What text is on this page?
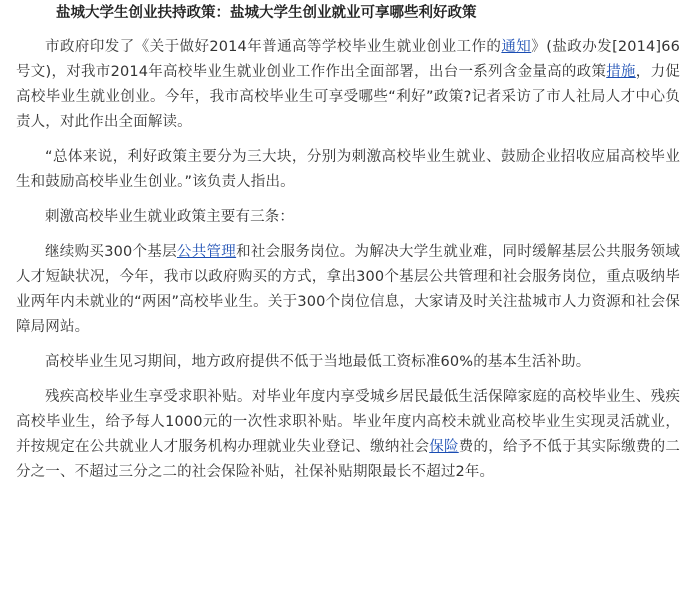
盐城大学生创业扶持政策：盐城大学生创业就业可享哪些利好政策

市政府印发了《关于做好2014年普通高等学校毕业生就业创业工作的通知》(盐政办发[2014]66号文)，对我市2014年高校毕业生就业创业工作作出全面部署，出台一系列含金量高的政策措施，力促高校毕业生就业创业。今年，我市高校毕业生可享受哪些“利好”政策?记者采访了市人社局人才中心负责人，对此作出全面解读。

“总体来说，利好政策主要分为三大块，分别为刺激高校毕业生就业、鼓励企业招收应届高校毕业生和鼓励高校毕业生创业。”该负责人指出。

刺激高校毕业生就业政策主要有三条：

继续购买300个基层公共管理和社会服务岗位。为解决大学生就业难，同时缓解基层公共服务领域人才短缺状况，今年，我市以政府购买的方式，拿出300个基层公共管理和社会服务岗位，重点吸纳毕业两年内未就业的“两困”高校毕业生。关于300个岗位信息，大家请及时关注盐城市人力资源和社会保障局网站。

高校毕业生见习期间，地方政府提供不低于当地最低工资标准60%的基本生活补助。

残疾高校毕业生享受求职补贴。对毕业年度内享受城乡居民最低生活保障家庭的高校毕业生、残疾高校毕业生，给予每人1000元的一次性求职补贴。毕业年度内高校未就业高校毕业生实现灵活就业，并按规定在公共就业人才服务机构办理就业失业登记、缴纳社会保险费的，给予不低于其实际缴费的二分之一、不超过三分之二的社会保险补贴，社保补贴期限最长不超过2年。
